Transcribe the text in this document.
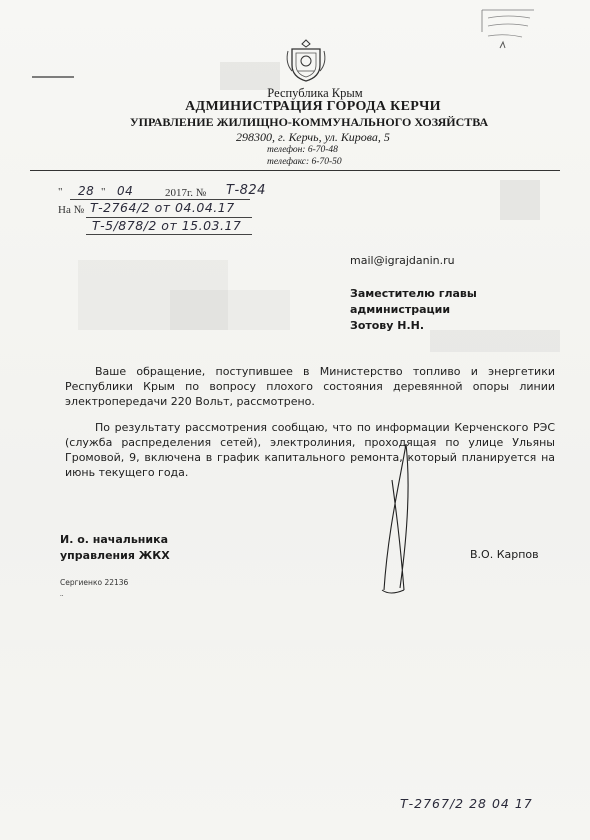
Республика Крым
АДМИНИСТРАЦИЯ ГОРОДА КЕРЧИ
УПРАВЛЕНИЕ ЖИЛИЩНО-КОММУНАЛЬНОГО ХОЗЯЙСТВА
298300, г. Керчь, ул. Кирова, 5
телефон: 6-70-48
телефакс: 6-70-50
" 28 " 04	2017г. № Т-824
На № Т-2764/2 от 04.04.17
Т-5/878/2 от 15.03.17
mail@igrajdanin.ru
Заместителю главы
администрации
Зотову Н.Н.
Ваше обращение, поступившее в Министерство топливо и энергетики Республики Крым по вопросу плохого состояния деревянной опоры линии электропередачи 220 Вольт, рассмотрено.
По результату рассмотрения сообщаю, что по информации Керченского РЭС (служба распределения сетей), электролиния, проходящая по улице Ульяны Громовой, 9, включена в график капитального ремонта, который планируется на июнь текущего года.
И. о. начальника
управления ЖКХ	В.О. Карпов
Сергиенко 22136
..
Т-2767/2 28 04 17
